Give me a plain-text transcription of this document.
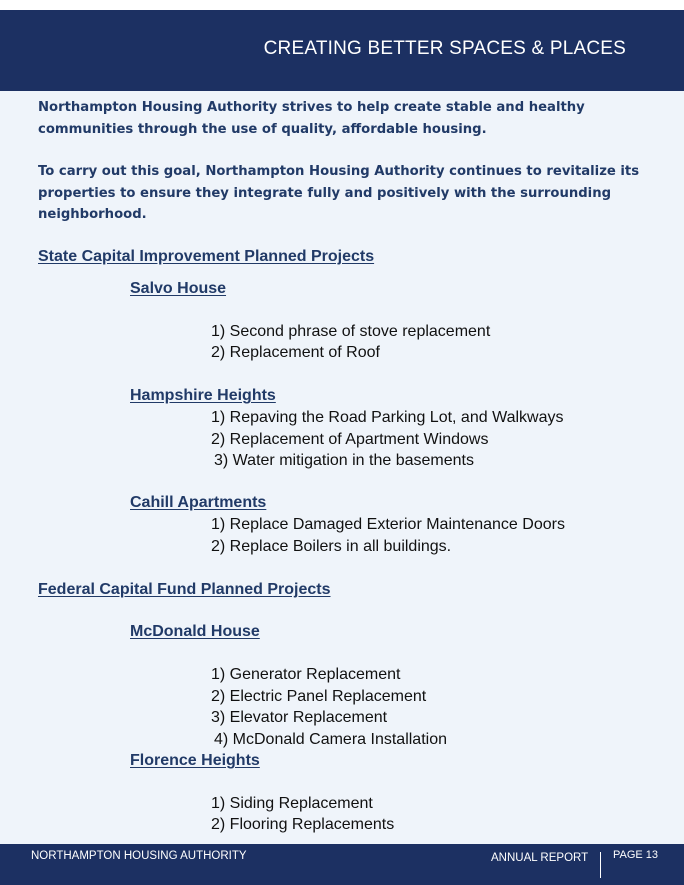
CREATING BETTER SPACES & PLACES
Northampton Housing Authority strives to help create stable and healthy communities through the use of quality, affordable housing.
To carry out this goal, Northampton Housing Authority continues to revitalize its properties to ensure they integrate fully and positively with the surrounding neighborhood.
State Capital Improvement Planned Projects
Salvo House
1) Second phrase of stove replacement
2) Replacement of Roof
Hampshire Heights
1) Repaving the Road Parking Lot, and Walkways
2) Replacement of Apartment Windows
3) Water mitigation in the basements
Cahill Apartments
1) Replace Damaged Exterior Maintenance Doors
2) Replace Boilers in all buildings.
Federal Capital Fund Planned Projects
McDonald House
1) Generator Replacement
2) Electric Panel Replacement
3) Elevator Replacement
4) McDonald Camera Installation
Florence Heights
1) Siding Replacement
2) Flooring Replacements
NORTHAMPTON HOUSING AUTHORITY	ANNUAL REPORT PAGE 13
